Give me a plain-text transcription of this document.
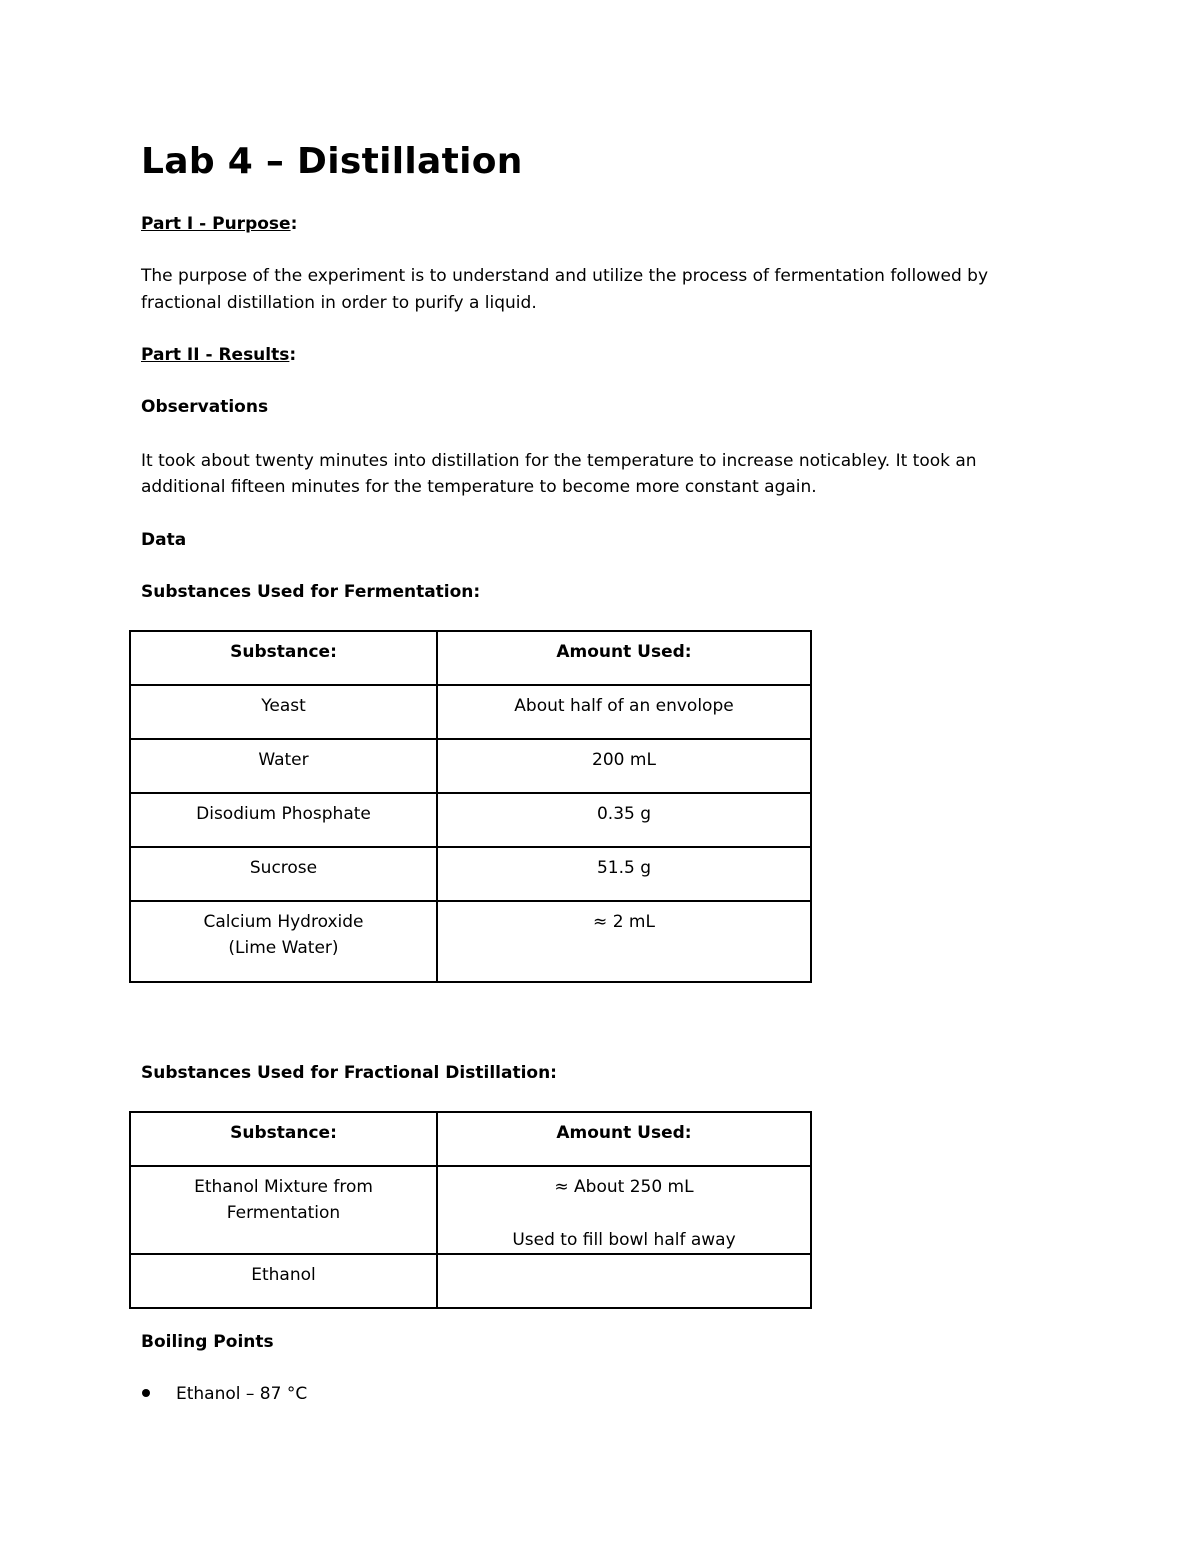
Lab 4 – Distillation

Part I - Purpose:

The purpose of the experiment is to understand and utilize the process of fermentation followed by

fractional distillation in order to purify a liquid.

Part II - Results:

Observations

It took about twenty minutes into distillation for the temperature to increase noticabley. It took an

additional fifteen minutes for the temperature to become more constant again.

Data

Substances Used for Fermentation:

Substance:	Amount Used:

Yeast	About half of an envolope

Water	200 mL

Disodium Phosphate	0.35 g

Sucrose	51.5 g

Calcium Hydroxide
(Lime Water)	≈ 2 mL

Substances Used for Fractional Distillation:

Substance:	Amount Used:

Ethanol Mixture from
Fermentation	≈ About 250 mL
Used to fill bowl half away

Ethanol	

Boiling Points

Ethanol – 87 °C
